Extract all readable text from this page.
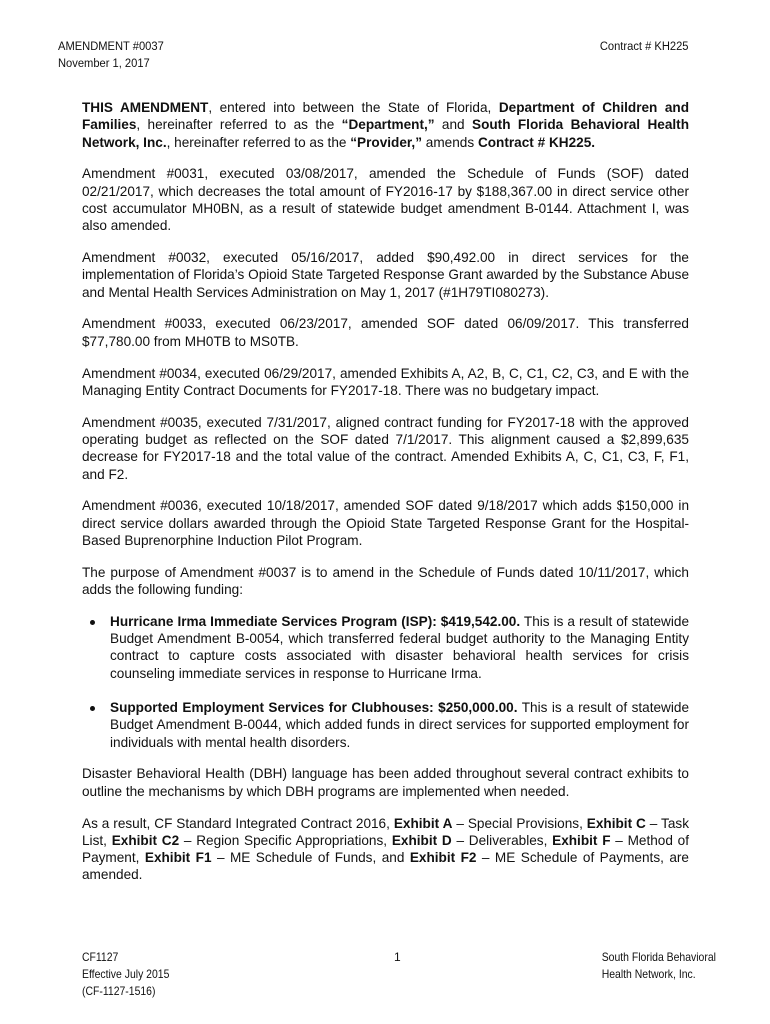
AMENDMENT #0037
November 1, 2017
Contract # KH225

THIS AMENDMENT, entered into between the State of Florida, Department of Children and Families, hereinafter referred to as the “Department,” and South Florida Behavioral Health Network, Inc., hereinafter referred to as the “Provider,” amends Contract # KH225.

Amendment #0031, executed 03/08/2017, amended the Schedule of Funds (SOF) dated 02/21/2017, which decreases the total amount of FY2016-17 by $188,367.00 in direct service other cost accumulator MH0BN, as a result of statewide budget amendment B-0144. Attachment I, was also amended.

Amendment #0032, executed 05/16/2017, added $90,492.00 in direct services for the implementation of Florida’s Opioid State Targeted Response Grant awarded by the Substance Abuse and Mental Health Services Administration on May 1, 2017 (#1H79TI080273).

Amendment #0033, executed 06/23/2017, amended SOF dated 06/09/2017. This transferred $77,780.00 from MH0TB to MS0TB.

Amendment #0034, executed 06/29/2017, amended Exhibits A, A2, B, C, C1, C2, C3, and E with the Managing Entity Contract Documents for FY2017-18. There was no budgetary impact.

Amendment #0035, executed 7/31/2017, aligned contract funding for FY2017-18 with the approved operating budget as reflected on the SOF dated 7/1/2017. This alignment caused a $2,899,635 decrease for FY2017-18 and the total value of the contract. Amended Exhibits A, C, C1, C3, F, F1, and F2.

Amendment #0036, executed 10/18/2017, amended SOF dated 9/18/2017 which adds $150,000 in direct service dollars awarded through the Opioid State Targeted Response Grant for the Hospital-Based Buprenorphine Induction Pilot Program.

The purpose of Amendment #0037 is to amend in the Schedule of Funds dated 10/11/2017, which adds the following funding:

Hurricane Irma Immediate Services Program (ISP): $419,542.00. This is a result of statewide Budget Amendment B-0054, which transferred federal budget authority to the Managing Entity contract to capture costs associated with disaster behavioral health services for crisis counseling immediate services in response to Hurricane Irma.
Supported Employment Services for Clubhouses: $250,000.00. This is a result of statewide Budget Amendment B-0044, which added funds in direct services for supported employment for individuals with mental health disorders.

Disaster Behavioral Health (DBH) language has been added throughout several contract exhibits to outline the mechanisms by which DBH programs are implemented when needed.

As a result, CF Standard Integrated Contract 2016, Exhibit A – Special Provisions, Exhibit C – Task List, Exhibit C2 – Region Specific Appropriations, Exhibit D – Deliverables, Exhibit F – Method of Payment, Exhibit F1 – ME Schedule of Funds, and Exhibit F2 – ME Schedule of Payments, are amended.

CF1127
Effective July 2015
(CF-1127-1516)
1	South Florida Behavioral
Health Network, Inc.
